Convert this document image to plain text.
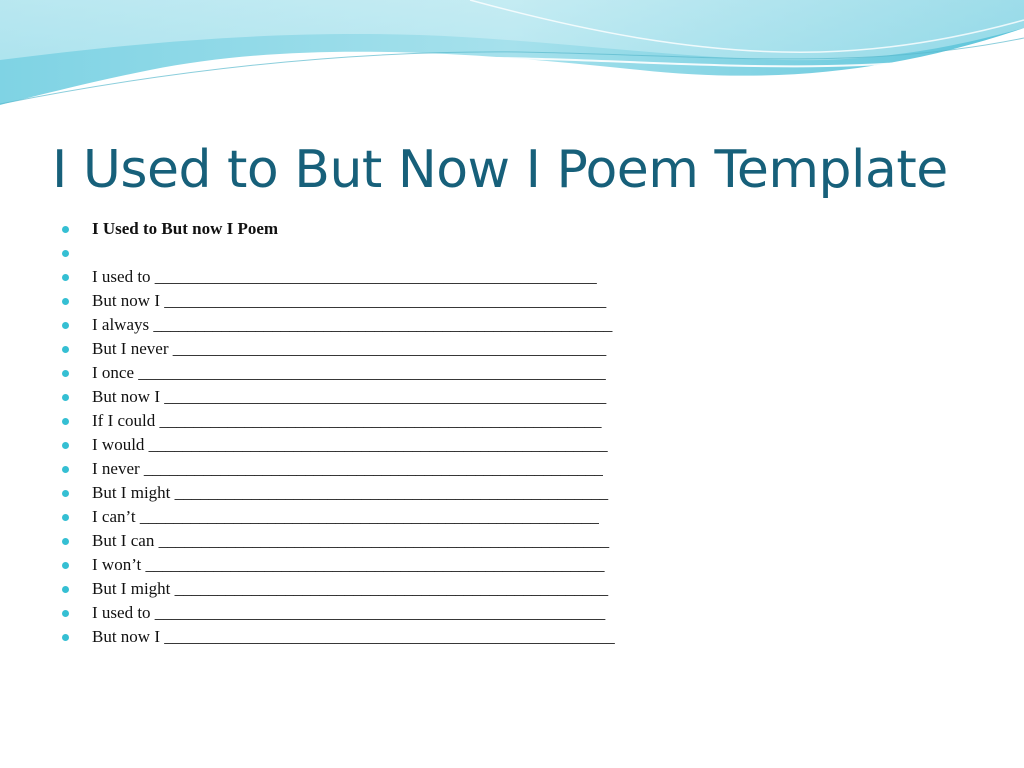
I Used to But Now I Poem Template
I Used to But now I Poem
I used to ____________________________________________________
But now I ____________________________________________________
I always ______________________________________________________
But I never ___________________________________________________
I once _______________________________________________________
But now I ____________________________________________________
If I could ____________________________________________________
I would ______________________________________________________
I never ______________________________________________________
But I might ___________________________________________________
I can’t ______________________________________________________
But I can _____________________________________________________
I won’t ______________________________________________________
But I might ___________________________________________________
I used to _____________________________________________________
But now I _____________________________________________________
